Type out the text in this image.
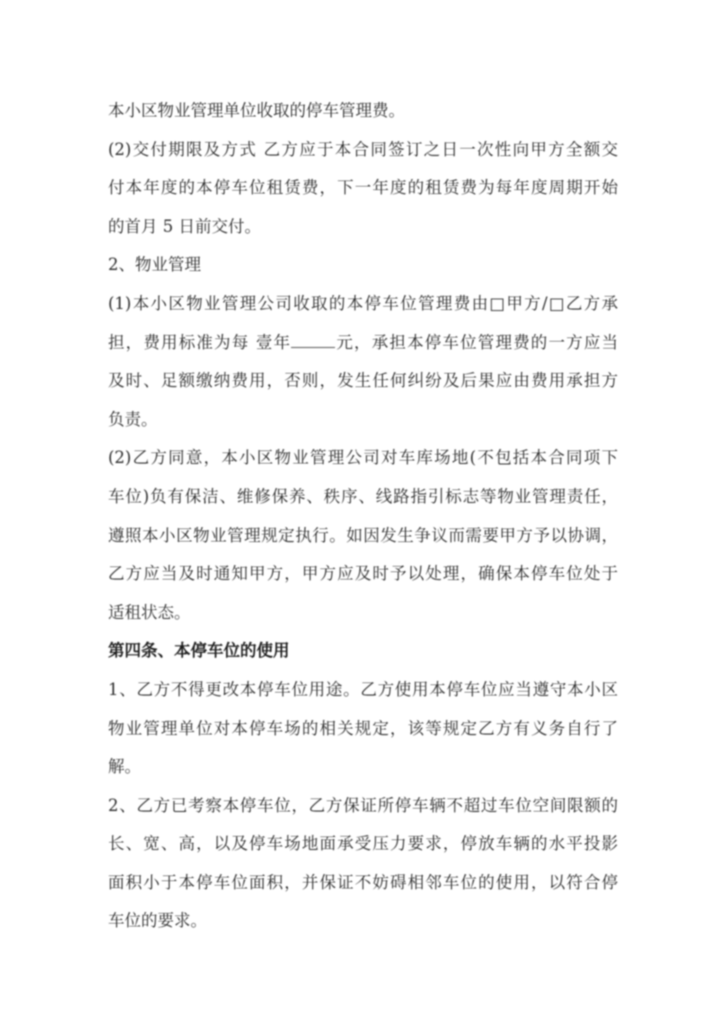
本小区物业管理单位收取的停车管理费。
(2)交付期限及方式 乙方应于本合同签订之日一次性向甲方全额交
付本年度的本停车位租赁费，下一年度的租赁费为每年度周期开始
的首月 5 日前交付。
2、物业管理
(1)本小区物业管理公司收取的本停车位管理费由□甲方/□乙方承
担，费用标准为每 壹年	元，承担本停车位管理费的一方应当
及时、足额缴纳费用，否则，发生任何纠纷及后果应由费用承担方
负责。
(2)乙方同意，本小区物业管理公司对车库场地(不包括本合同项下
车位)负有保洁、维修保养、秩序、线路指引标志等物业管理责任，
遵照本小区物业管理规定执行。如因发生争议而需要甲方予以协调，
乙方应当及时通知甲方，甲方应及时予以处理，确保本停车位处于
适租状态。
第四条、本停车位的使用
1、乙方不得更改本停车位用途。乙方使用本停车位应当遵守本小区
物业管理单位对本停车场的相关规定，该等规定乙方有义务自行了
解。
2、乙方已考察本停车位，乙方保证所停车辆不超过车位空间限额的
长、宽、高，以及停车场地面承受压力要求，停放车辆的水平投影
面积小于本停车位面积，并保证不妨碍相邻车位的使用，以符合停
车位的要求。
